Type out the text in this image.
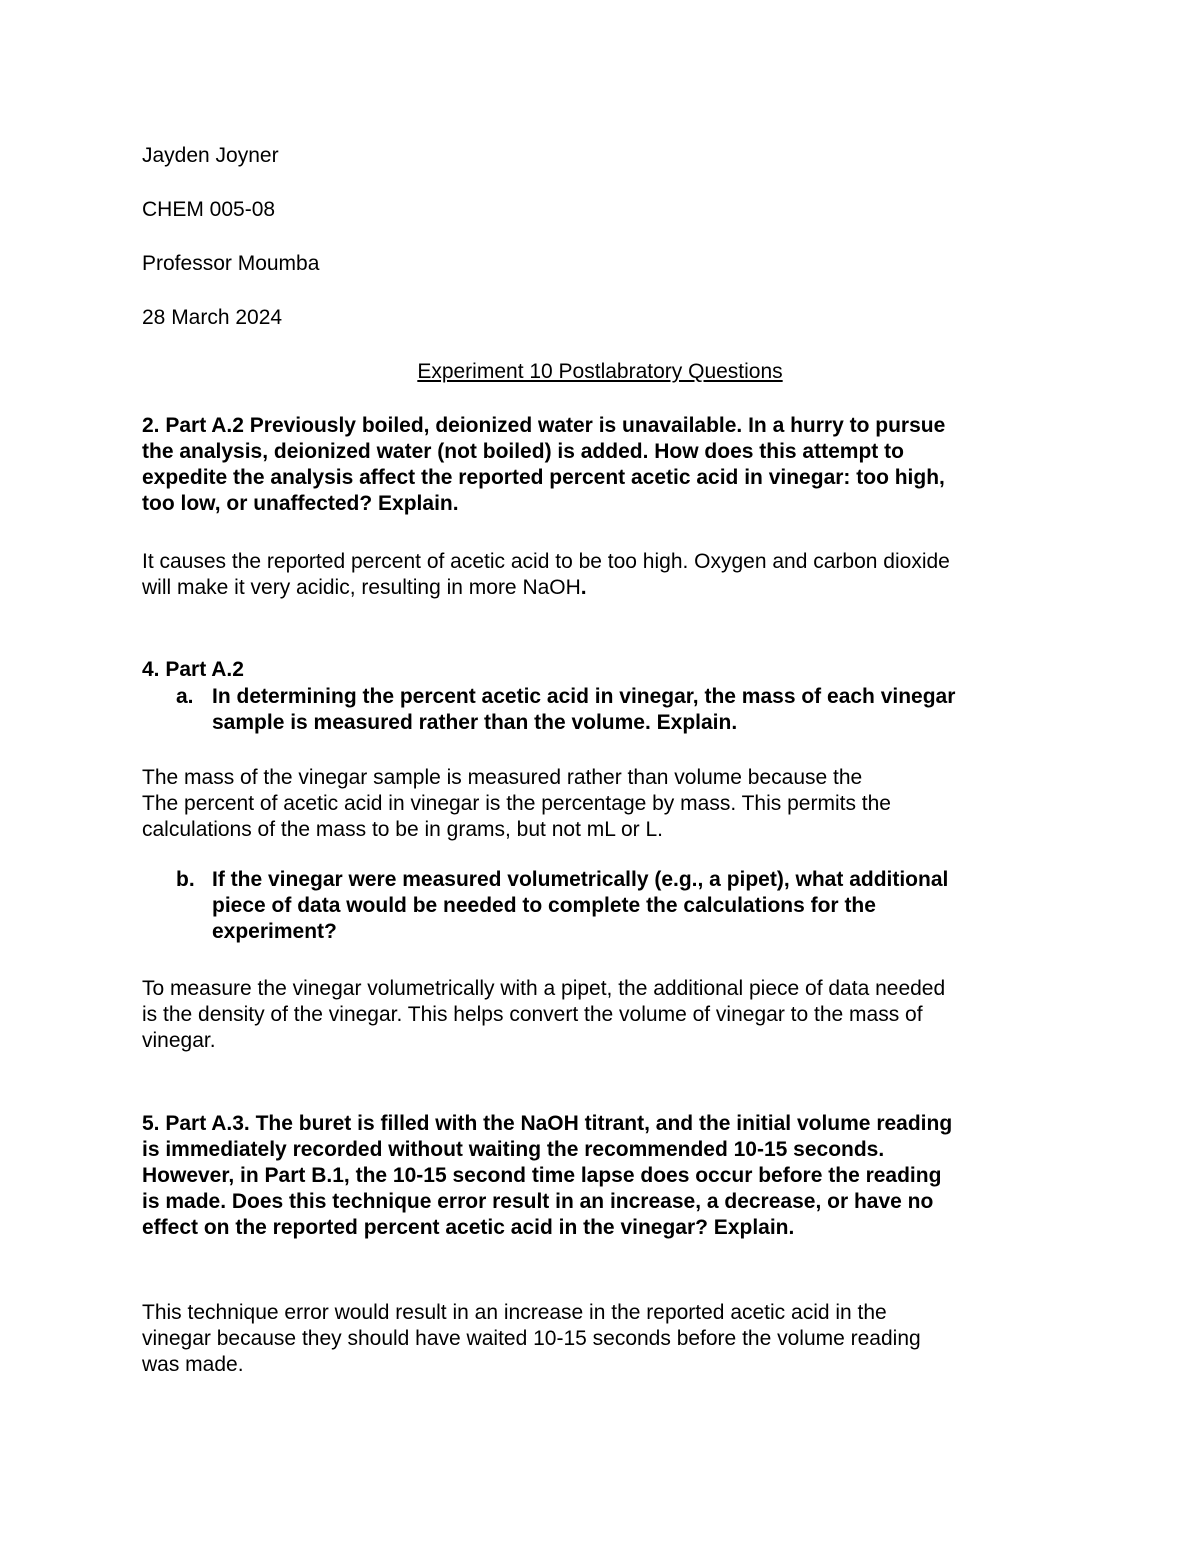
Jayden Joyner
CHEM 005-08
Professor Moumba
28 March 2024
Experiment 10 Postlabratory Questions
2. Part A.2 Previously boiled, deionized water is unavailable. In a hurry to pursue
the analysis, deionized water (not boiled) is added. How does this attempt to
expedite the analysis affect the reported percent acetic acid in vinegar: too high,
too low, or unaffected? Explain.
It causes the reported percent of acetic acid to be too high. Oxygen and carbon dioxide
will make it very acidic, resulting in more NaOH.
4. Part A.2
a. In determining the percent acetic acid in vinegar, the mass of each vinegar
sample is measured rather than the volume. Explain.
The mass of the vinegar sample is measured rather than volume because the
The percent of acetic acid in vinegar is the percentage by mass. This permits the
calculations of the mass to be in grams, but not mL or L.
b. If the vinegar were measured volumetrically (e.g., a pipet), what additional
piece of data would be needed to complete the calculations for the
experiment?
To measure the vinegar volumetrically with a pipet, the additional piece of data needed
is the density of the vinegar. This helps convert the volume of vinegar to the mass of
vinegar.
5. Part A.3. The buret is filled with the NaOH titrant, and the initial volume reading
is immediately recorded without waiting the recommended 10-15 seconds.
However, in Part B.1, the 10-15 second time lapse does occur before the reading
is made. Does this technique error result in an increase, a decrease, or have no
effect on the reported percent acetic acid in the vinegar? Explain.
This technique error would result in an increase in the reported acetic acid in the
vinegar because they should have waited 10-15 seconds before the volume reading
was made.
